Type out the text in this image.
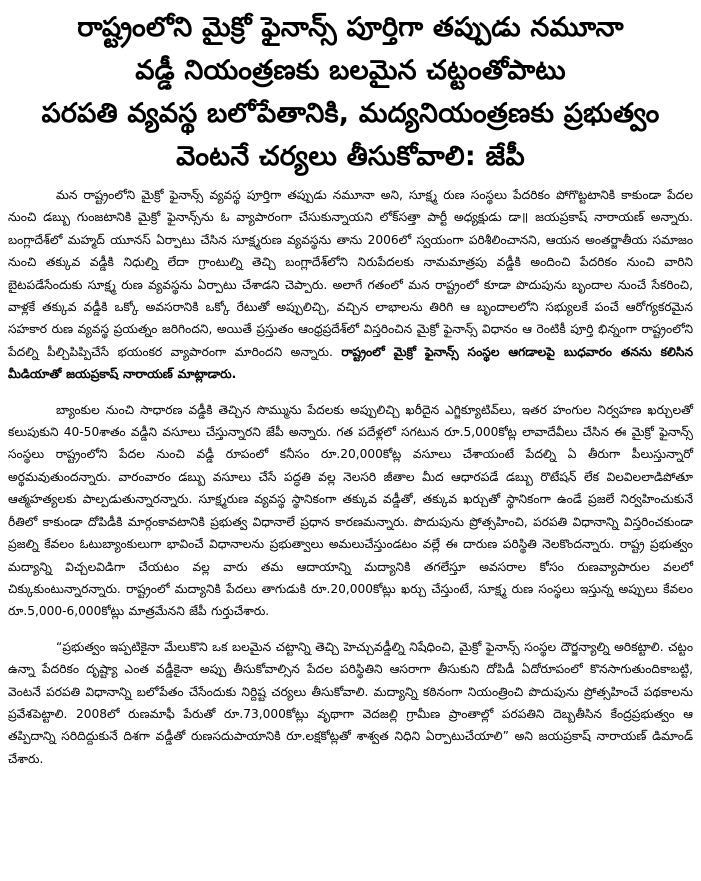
రాష్ట్రంలోని మైక్రో ఫైనాన్స్ పూర్తిగా తప్పుడు నమూనా
వడ్డీ నియంత్రణకు బలమైన చట్టంతోపాటు
పరపతి వ్యవస్థ బలోపేతానికి, మద్యనియంత్రణకు ప్రభుత్వం
వెంటనే చర్యలు తీసుకోవాలి: జేపీ

మన రాష్ట్రంలోని మైక్రో ఫైనాన్స్ వ్యవస్థ పూర్తిగా తప్పుడు నమూనా అని, సూక్ష్మ రుణ సంస్థలు పేదరికం పోగొట్టటానికి కాకుండా పేదల నుంచి డబ్బు గుంజటానికి మైక్రో ఫైనాన్స్‌ను ఓ వ్యాపారంగా చేసుకున్నాయని లోక్‌సత్తా పార్టీ అధ్యక్షుడు డా॥ జయప్రకాష్ నారాయణ్ అన్నారు. బంగ్లాదేశ్‌లో మహ్మద్ యూనస్ ఏర్పాటు చేసిన సూక్ష్మరుణ వ్యవస్థను తాను 2006లో స్వయంగా పరిశీలించానని, ఆయన అంతర్జాతీయ సమాజం నుంచి తక్కువ వడ్డీకి నిధుల్ని లేదా గ్రాంటుల్ని తెచ్చి బంగ్లాదేశ్‌లోని నిరుపేదలకు నామమాత్రపు వడ్డీకి అందించి పేదరికం నుంచి వారిని బైటపడేసేందుకు సూక్ష్మ రుణ వ్యవస్థను ఏర్పాటు చేశాడని చెప్పారు. అలాగే గతంలో మన రాష్ట్రంలో కూడా పొదుపును బృందాల నుంచే సేకరించి, వాళ్లకే తక్కువ వడ్డీకి ఒక్కో అవసరానికి ఒక్కో రేటుతో అప్పులిచ్చి, వచ్చిన లాభాలను తిరిగి ఆ బృందాలలోని సభ్యులకే పంచే ఆరోగ్యకరమైన సహకార రుణ వ్యవస్థ ప్రయత్నం జరిగిందని, అయితే ప్రస్తుతం ఆంధ్రప్రదేశ్‌లో విస్తరించిన మైక్రో ఫైనాన్స్ విధానం ఆ రెంటికీ పూర్తి భిన్నంగా రాష్ట్రంలోని పేదల్ని పీల్చిపిప్పిచేసే భయంకర వ్యాపారంగా మారిందని అన్నారు. రాష్ట్రంలో మైక్రో ఫైనాన్స్ సంస్థల ఆగడాలపై బుధవారం తనను కలిసిన మీడియాతో జయప్రకాష్ నారాయణ్ మాట్లాడారు.

బ్యాంకుల నుంచి సాధారణ వడ్డీకి తెచ్చిన సొమ్మును పేదలకు అప్పులిచ్చి ఖరీదైన ఎగ్జిక్యూటివ్‌లు, ఇతర హంగుల నిర్వహణ ఖర్చులతో కలుపుకుని 40-50శాతం వడ్డీని వసూలు చేస్తున్నారని జేపీ అన్నారు. గత పదేళ్లలో సగటున రూ.5,000కోట్ల లావాదేవీలు చేసిన ఈ మైక్రో ఫైనాన్స్ సంస్థలు రాష్ట్రంలోని పేదల నుంచి వడ్డీ రూపంలో కనీసం రూ.20,000కోట్ల వసూలు చేశాయంటే పేదల్ని ఏ తీరుగా పీలుస్తున్నారో అర్థమవుతుందన్నారు. వారంవారం డబ్బు వసూలు చేసే పద్ధతి వల్ల నెలసరి జీతాల మీద ఆధారపడే డబ్బు రొటేషన్ లేక విలవిలలాడిపోతూ ఆత్మహత్యలకు పాల్పడుతున్నారన్నారు. సూక్ష్మరుణ వ్యవస్థ స్థానికంగా తక్కువ వడ్డీతో, తక్కువ ఖర్చుతో స్థానికంగా ఉండే ప్రజలే నిర్వహించుకునే రీతిలో కాకుండా దోపిడీకి మార్గంకావటానికి ప్రభుత్వ విధానాలే ప్రధాన కారణమన్నారు. పొదుపును ప్రోత్సహించి, పరపతి విధానాన్ని విస్తరించకుండా ప్రజల్ని కేవలం ఓటుబ్యాంకులుగా భావించే విధానాలను ప్రభుత్వాలు అమలుచేస్తుండటం వల్లే ఈ దారుణ పరిస్థితి నెలకొందన్నారు. రాష్ట్ర ప్రభుత్వం మద్యాన్ని విచ్చలవిడిగా చేయటం వల్ల వారు తమ ఆదాయాన్ని మద్యానికి తగలేస్తూ అవసరాల కోసం రుణవ్యాపారుల వలలో చిక్కుకుంటున్నారన్నారు. రాష్ట్రంలో మద్యానికి పేదలు తాగుడుకి రూ.20,000కోట్లు ఖర్చు చేస్తుంటే, సూక్ష్మ రుణ సంస్థలు ఇస్తున్న అప్పులు కేవలం రూ.5,000-6,000కోట్లు మాత్రమేనని జేపీ గుర్తుచేశారు.

“ప్రభుత్వం ఇప్పటికైనా మేలుకొని ఒక బలమైన చట్టాన్ని తెచ్చి హెచ్చువడ్డీల్ని నిషేధించి, మైక్రో ఫైనాన్స్ సంస్థల దౌర్జన్యాల్ని అరికట్టాలి. చట్టం ఉన్నా పేదరికం దృష్ట్యా ఎంత వడ్డీకైనా అప్పు తీసుకోవాల్సిన పేదల పరిస్థితిని ఆసరాగా తీసుకుని దోపిడీ ఏదోరూపంలో కొనసాగుతుందికాబట్టి, వెంటనే పరపతి విధానాన్ని బలోపేతం చేసేందుకు నిర్దిష్ట చర్యలు తీసుకోవాలి. మద్యాన్ని కఠినంగా నియంత్రించి పొదుపును ప్రోత్సహించే పథకాలను ప్రవేశపెట్టాలి. 2008లో రుణమాఫీ పేరుతో రూ.73,000కోట్లు వృథాగా వెదజల్లి గ్రామీణ ప్రాంతాల్లో పరపతిని దెబ్బతీసిన కేంద్రప్రభుత్వం ఆ తప్పిదాన్ని సరిదిద్దుకునే దిశగా వడ్డీతో రుణసదుపాయానికి రూ.లక్షకోట్లతో శాశ్వత నిధిని ఏర్పాటుచేయాలి” అని జయప్రకాష్ నారాయణ్ డిమాండ్ చేశారు.
